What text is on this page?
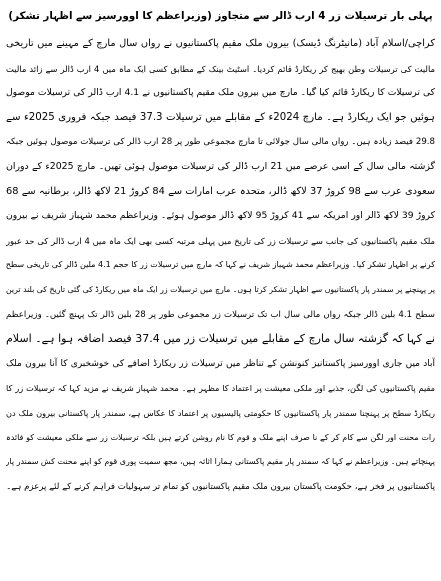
پہلی بار ترسیلات زر 4 ارب ڈالر سے متجاوز (وزیراعظم کا اوورسیز سے اظہار تشکر)
کراچی/اسلام آباد (مانیٹرنگ ڈیسک) بیرون ملک مقیم پاکستانیوں نے رواں سال مارچ کے مہینے میں تاریخی
مالیت کی ترسیلات وطن بھیج کر ریکارڈ قائم کردیا۔ اسٹیٹ بینک کے مطابق کسی ایک ماہ میں 4 ارب ڈالر سے زائد مالیت
کی ترسیلات کا ریکارڈ قائم کیا گیا۔ مارچ میں بیرون ملک مقیم پاکستانیوں نے 4.1 ارب ڈالر کی ترسیلات موصول
ہوئیں جو ایک ریکارڈ ہے۔ مارچ 2024ء کے مقابلے میں ترسیلات 37.3 فیصد جبکہ فروری 2025ء سے
29.8 فیصد زیادہ ہیں۔ رواں مالی سال جولائی تا مارچ مجموعی طور پر 28 ارب ڈالر کی ترسیلات موصول ہوئیں جبکہ
گزشتہ مالی سال کے اسی عرصے میں 21 ارب ڈالر کی ترسیلات موصول ہوئی تھیں۔ مارچ 2025ء کے دوران
سعودی عرب سے 98 کروڑ 37 لاکھ ڈالر، متحدہ عرب امارات سے 84 کروڑ 21 لاکھ ڈالر، برطانیہ سے 68
کروڑ 39 لاکھ ڈالر اور امریکہ سے 41 کروڑ 95 لاکھ ڈالر موصول ہوئے۔ وزیراعظم محمد شہباز شریف نے بیرون
ملک مقیم پاکستانیوں کی جانب سے ترسیلات زر کی تاریخ میں پہلی مرتبہ کسی بھی ایک ماہ میں 4 ارب ڈالر کی حد عبور
کرنے پر اظہار تشکر کیا۔ وزیراعظم محمد شہباز شریف نے کہا کہ مارچ میں ترسیلات زر کا حجم 4.1 ملین ڈالر کی تاریخی سطح
پر پہنچنے پر سمندر پار پاکستانیوں سے اظہار تشکر کرتا ہوں۔ مارچ میں ترسیلات زر ایک ماہ میں ریکارڈ کی گئی تاریخ کی بلند ترین
سطح 4.1 بلین ڈالر جبکہ رواں مالی سال اب تک ترسیلات زر مجموعی طور پر 28 بلین ڈالر تک پہنچ گئیں۔ وزیراعظم
نے کہا کہ گزشتہ سال مارچ کے مقابلے میں ترسیلات زر میں 37.4 فیصد اضافہ ہوا ہے۔ اسلام
آباد میں جاری اوورسیز پاکستانیز کنونشن کے تناظر میں ترسیلات زر ریکارڈ اضافے کی خوشخبری کا آنا بیرون ملک
مقیم پاکستانیوں کی لگن، جذبے اور ملکی معیشت پر اعتماد کا مظہر ہے۔ محمد شہباز شریف نے مزید کہا کہ ترسیلات زر کا
ریکارڈ سطح پر پہنچنا سمندر پار پاکستانیوں کا حکومتی پالیسیوں پر اعتماد کا عکاس ہے، سمندر پار پاکستانی بیرون ملک دن
رات محنت اور لگن سے کام کر کے نا صرف اپنے ملک و قوم کا نام روشن کرتے ہیں بلکہ ترسیلات زر سے ملکی معیشت کو فائدہ
پہنچاتے ہیں۔ وزیراعظم نے کہا کہ سمندر پار مقیم پاکستانی ہمارا اثاثہ ہیں، مجھ سمیت پوری قوم کو اپنے محنت کش سمندر پار
پاکستانیوں پر فخر ہے، حکومت پاکستان بیرون ملک مقیم پاکستانیوں کو تمام تر سہولیات فراہم کرنے کے لئے پرعزم ہے۔
